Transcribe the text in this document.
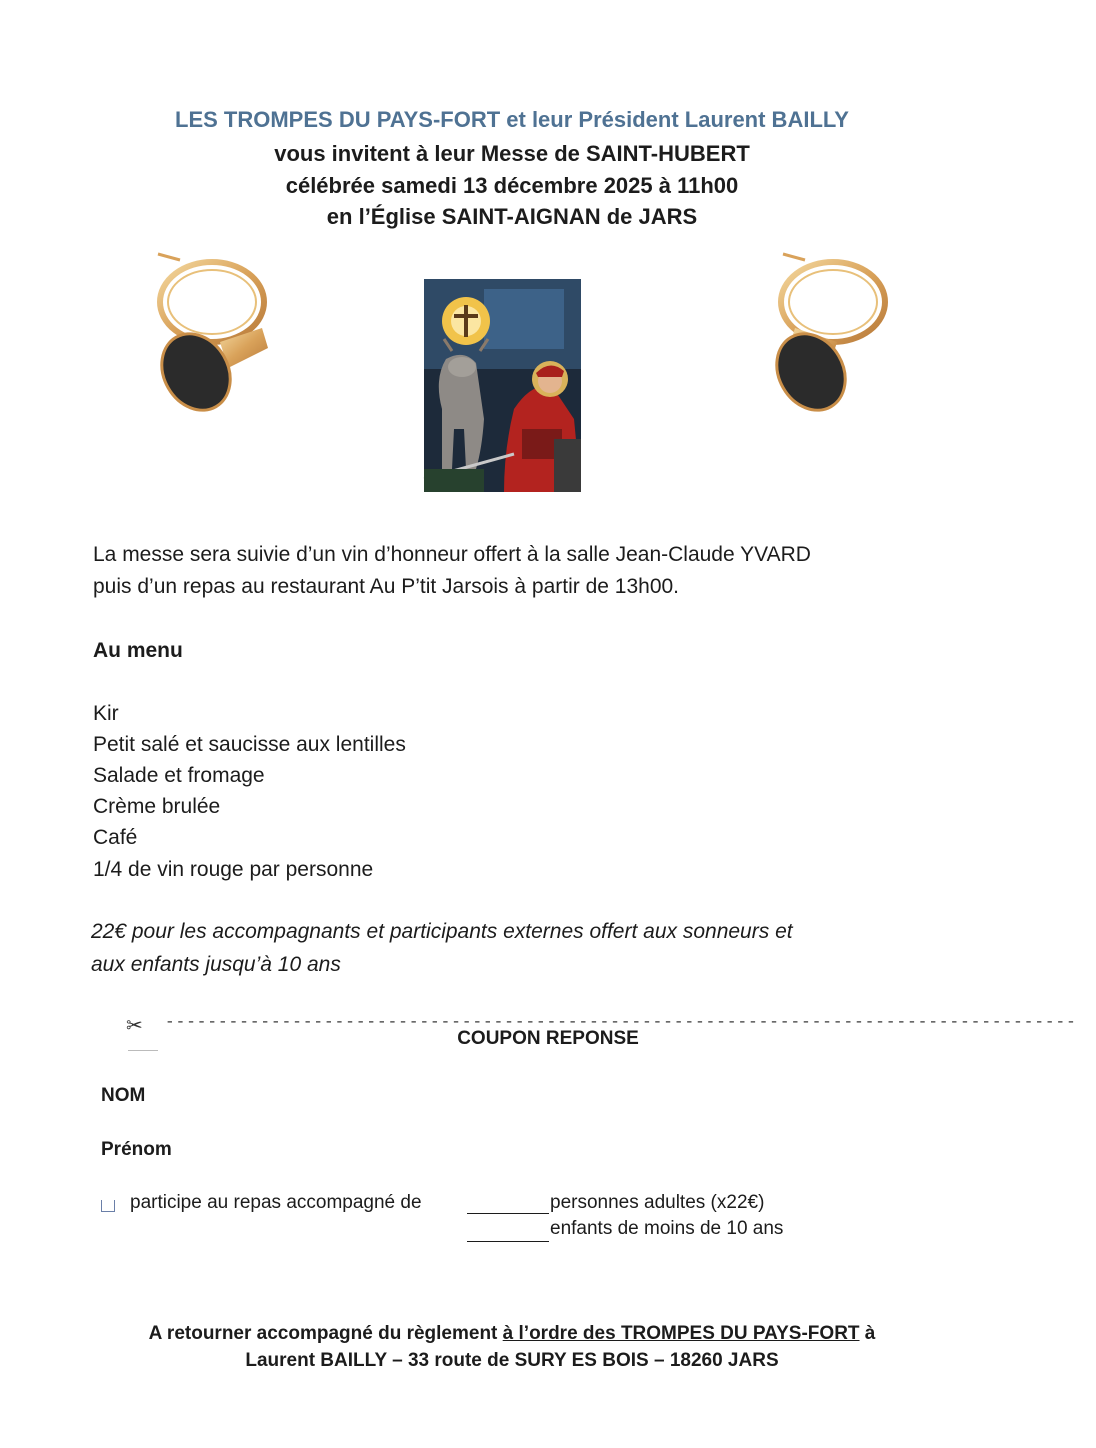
LES TROMPES DU PAYS-FORT et leur Président Laurent BAILLY
vous invitent à leur Messe de SAINT-HUBERT
célébrée samedi 13 décembre 2025 à 11h00
en l’Église SAINT-AIGNAN de JARS
La messe sera suivie d’un vin d’honneur offert à la salle Jean-Claude YVARD
puis d’un repas au restaurant Au P’tit Jarsois à partir de 13h00.
Au menu
Kir
Petit salé et saucisse aux lentilles
Salade et fromage
Crème brulée
Café
1/4 de vin rouge par personne
22€ pour les accompagnants et participants externes offert aux sonneurs et
aux enfants jusqu’à 10 ans
✂ --------------------------------------------------------------------------------------
COUPON REPONSE
NOM
Prénom
participe au repas accompagné de	personnes adultes (x22€)
enfants de moins de 10 ans
A retourner accompagné du règlement à l’ordre des TROMPES DU PAYS-FORT à
Laurent BAILLY – 33 route de SURY ES BOIS – 18260 JARS
